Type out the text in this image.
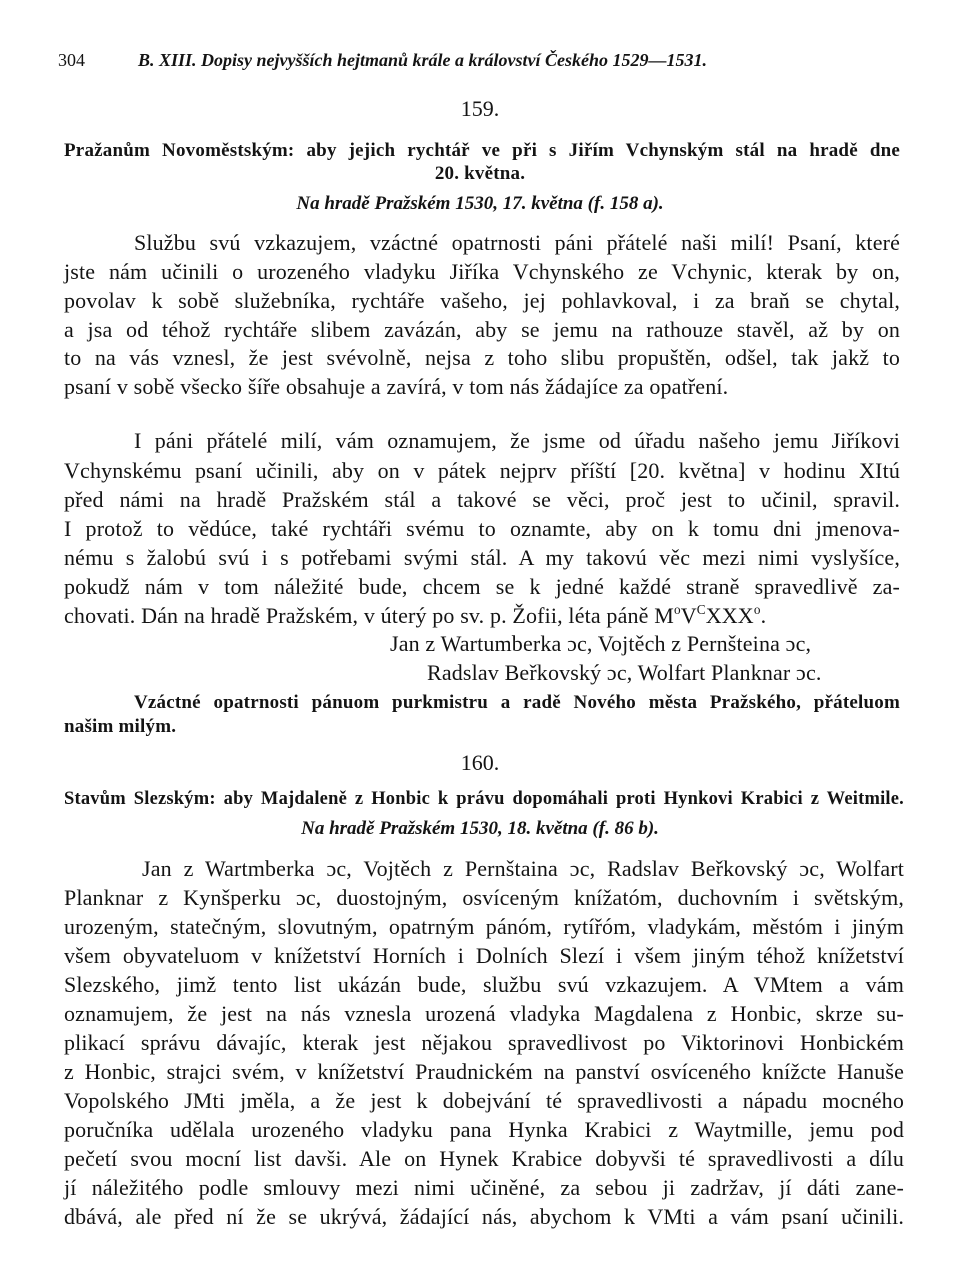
304	B. XIII. Dopisy nejvyšších hejtmanů krále a království Českého 1529—1531.
159.
Pražanům Novoměstským: aby jejich rychtář ve při s Jiřím Vchynským stál na hradě dne
20. května.
Na hradě Pražském 1530, 17. května (f. 158 a).
Službu svú vzkazujem, vzáctné opatrnosti páni přátelé naši milí! Psaní, které
jste nám učinili o urozeného vladyku Jiříka Vchynského ze Vchynic, kterak by on,
povolav k sobě služebníka, rychtáře vašeho, jej pohlavkoval, i za braň se chytal,
a jsa od téhož rychtáře slibem zavázán, aby se jemu na rathouze stavěl, až by on
to na vás vznesl, že jest svévolně, nejsa z toho slibu propuštěn, odšel, tak jakž to
psaní v sobě všecko šíře obsahuje a zavírá, v tom nás žádajíce za opatření.
I páni přátelé milí, vám oznamujem, že jsme od úřadu našeho jemu Jiříkovi
Vchynskému psaní učinili, aby on v pátek nejprv příští [20. května] v hodinu XItú
před námi na hradě Pražském stál a takové se věci, proč jest to učinil, spravil.
I protož to vědúce, také rychtáři svému to oznamte, aby on k tomu dni jmenova-
nému s žalobú svú i s potřebami svými stál. A my takovú věc mezi nimi vyslyšíce,
pokudž nám v tom náležité bude, chcem se k jedné každé straně spravedlivě za-
chovati. Dán na hradě Pražském, v úterý po sv. p. Žofii, léta páně $M^oV^CXXX^o$.
Jan z Wartumberka ɔc, Vojtěch z Pernšteina ɔc,
Radslav Beřkovský ɔc, Wolfart Planknar ɔc.
Vzáctné opatrnosti pánuom purkmistru a radě Nového města Pražského, přáteluom
našim milým.
160.
Stavům Slezským: aby Majdaleně z Honbic k právu dopomáhali proti Hynkovi Krabici z Weitmile.
Na hradě Pražském 1530, 18. května (f. 86 b).
Jan z Wartmberka ɔc, Vojtěch z Pernštaina ɔc, Radslav Beřkovský ɔc, Wolfart
Planknar z Kynšperku ɔc, duostojným, osvíceným knížatóm, duchovním i světským,
urozeným, statečným, slovutným, opatrným pánóm, rytířóm, vladykám, městóm i jiným
všem obyvateluom v knížetství Horních i Dolních Slezí i všem jiným téhož knížetství
Slezského, jimž tento list ukázán bude, službu svú vzkazujem. A VMtem a vám
oznamujem, že jest na nás vznesla urozená vladyka Magdalena z Honbic, skrze su-
plikací správu dávajíc, kterak jest nějakou spravedlivost po Viktorinovi Honbickém
z Honbic, strajci svém, v knížetství Praudnickém na panství osvíceného knížcte Hanuše
Vopolského JMti jměla, a že jest k dobejvání té spravedlivosti a nápadu mocného
poručníka udělala urozeného vladyku pana Hynka Krabici z Waytmille, jemu pod
pečetí svou mocní list davši. Ale on Hynek Krabice dobyvši té spravedlivosti a dílu
jí náležitého podle smlouvy mezi nimi učiněné, za sebou ji zadržav, jí dáti zane-
dbává, ale před ní že se ukrývá, žádající nás, abychom k VMti a vám psaní učinili.
